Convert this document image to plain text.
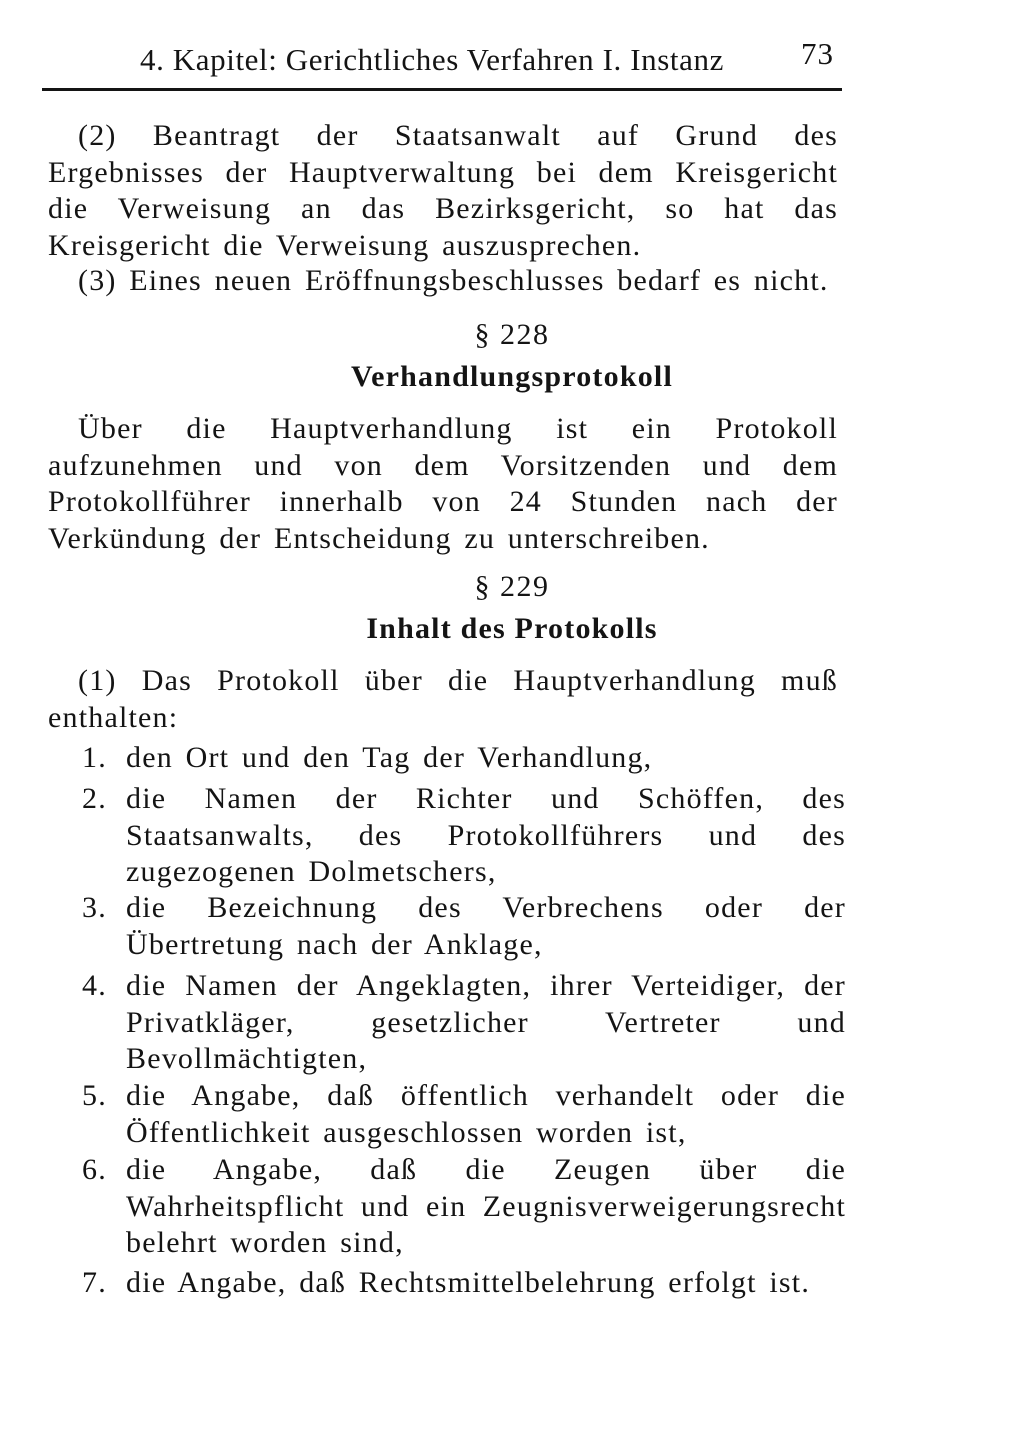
4. Kapitel: Gerichtliches Verfahren I. Instanz 73

(2) Beantragt der Staatsanwalt auf Grund des Ergebnisses der Hauptverwaltung bei dem Kreisgericht die Verweisung an das Bezirksgericht, so hat das Kreisgericht die Verweisung auszusprechen.

(3) Eines neuen Eröffnungsbeschlusses bedarf es nicht.

§ 228
Verhandlungsprotokoll

Über die Hauptverhandlung ist ein Protokoll aufzunehmen und von dem Vorsitzenden und dem Protokollführer innerhalb von 24 Stunden nach der Verkündung der Entscheidung zu unterschreiben.

§ 229
Inhalt des Protokolls

(1) Das Protokoll über die Hauptverhandlung muß enthalten:

1. den Ort und den Tag der Verhandlung,
2. die Namen der Richter und Schöffen, des Staatsanwalts, des Protokollführers und des zugezogenen Dolmetschers,
3. die Bezeichnung des Verbrechens oder der Übertretung nach der Anklage,
4. die Namen der Angeklagten, ihrer Verteidiger, der Privatkläger, gesetzlicher Vertreter und Bevollmächtigten,
5. die Angabe, daß öffentlich verhandelt oder die Öffentlichkeit ausgeschlossen worden ist,
6. die Angabe, daß die Zeugen über die Wahrheitspflicht und ein Zeugnisverweigerungsrecht belehrt worden sind,
7. die Angabe, daß Rechtsmittelbelehrung erfolgt ist.
